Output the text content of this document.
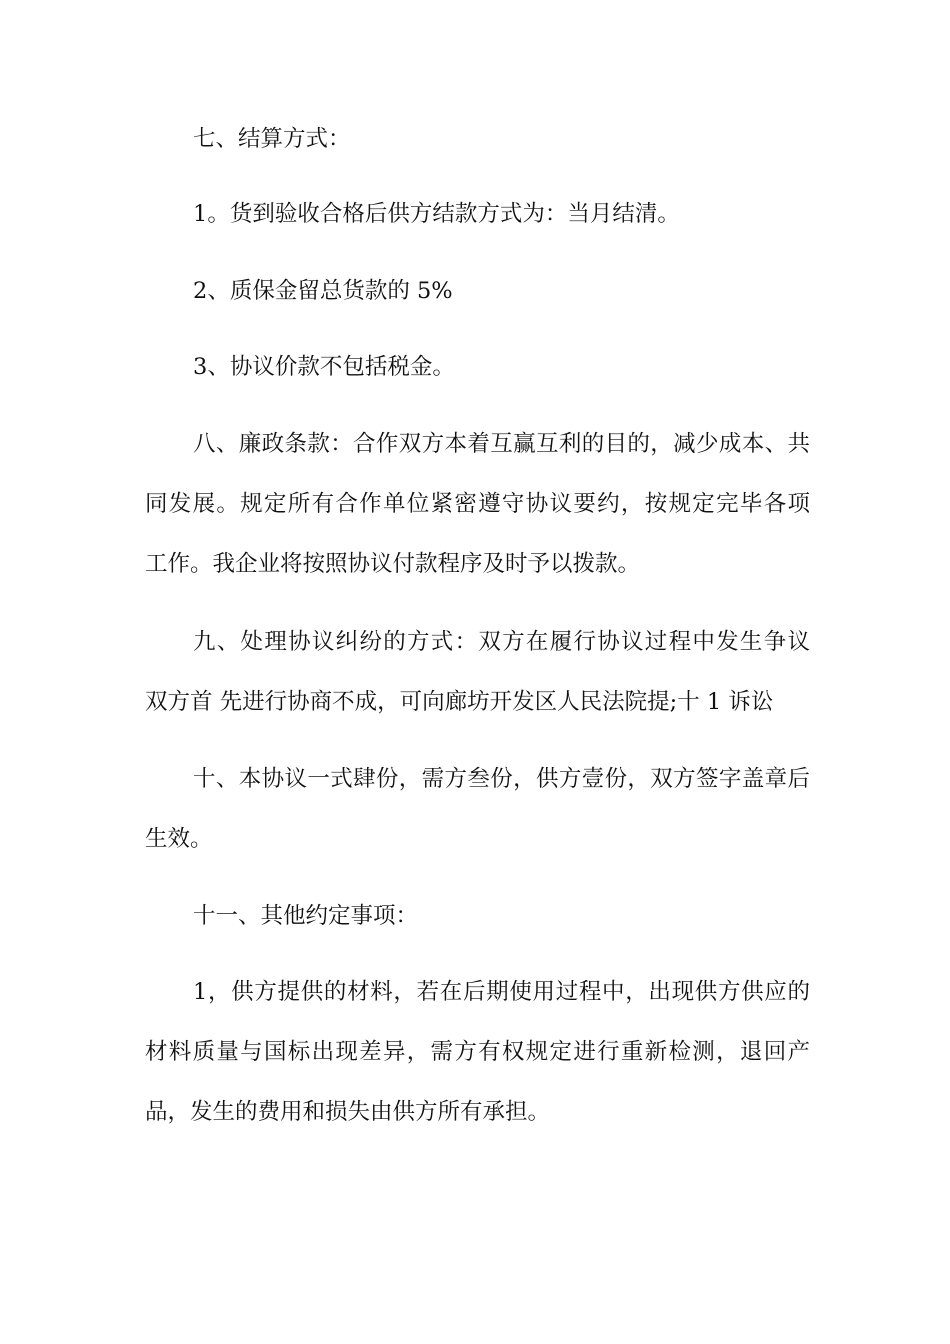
七、结算方式：
1。货到验收合格后供方结款方式为：当月结清。
2、质保金留总货款的 5%
3、协议价款不包括税金。
八、廉政条款：合作双方本着互赢互利的目的，减少成本、共
同发展。规定所有合作单位紧密遵守协议要约，按规定完毕各项
工作。我企业将按照协议付款程序及时予以拨款。
九、处理协议纠纷的方式：双方在履行协议过程中发生争议
双方首 先进行协商不成，可向廊坊开发区人民法院提;十 1 诉讼
十、本协议一式肆份，需方叁份，供方壹份，双方签字盖章后
生效。
十一、其他约定事项：
1，供方提供的材料，若在后期使用过程中，出现供方供应的
材料质量与国标出现差异，需方有权规定进行重新检测，退回产
品，发生的费用和损失由供方所有承担。
